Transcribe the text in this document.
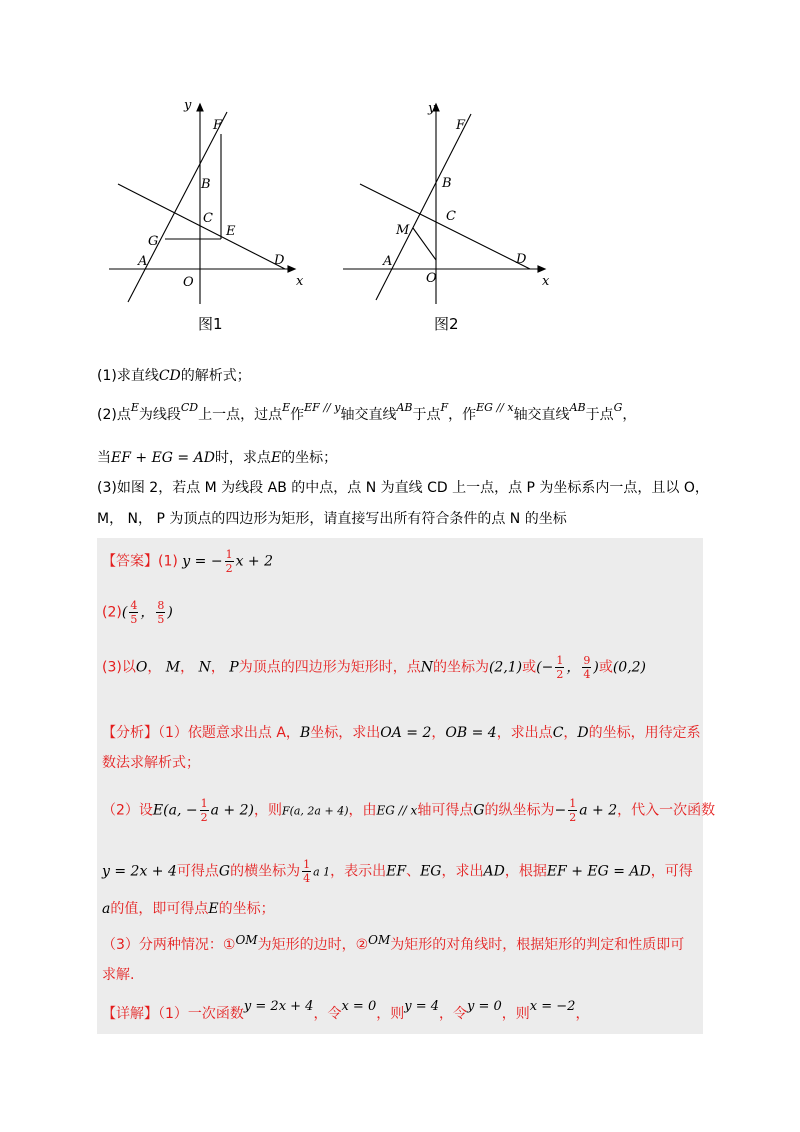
y
x
O
A
B
C
D
E
F
G
y
x
O
A
B
C
D
F
M
图1	图2
(1)求直线CD的解析式；
(2)点$^E$为线段$^{CD}$上一点，过点$^E$作$^{EF // y}$轴交直线$^{AB}$于点$^F$，作$^{EG // x}$轴交直线$^{AB}$于点$^G$，
当EF + EG = AD时，求点E的坐标；
(3)如图 2，若点 M 为线段 AB 的中点，点 N 为直线 CD 上一点，点 P 为坐标系内一点，且以 O，
M， N， P 为顶点的四边形为矩形，请直接写出所有符合条件的点 N 的坐标
【答案】(1) y = − $\frac{1}{2}$ x + 2
$(2)( \frac{4}{5}$ ， $\frac{8}{5}$ )
(3)以O， M， N， P为顶点的四边形为矩形时，点N的坐标为(2,1)或(− $\frac{1}{2}$ ， $\frac{9}{4}$ )或(0,2)
【分析】（1）依题意求出点 A，B坐标，求出OA = 2，OB = 4，求出点C，D的坐标，用待定系
数法求解析式；
（2）设E(a, − $\frac{1}{2}$ a + 2)，则F(a, 2a + 4)，由EG // x轴可得点G的纵坐标为− $\frac{1}{2}$ a + 2，代入一次函数
y = 2x + 4可得点G的横坐标为 $\frac{1}{4}$ a 1，表示出EF、EG，求出AD，根据EF + EG = AD，可得
a的值，即可得点E的坐标；
（3）分两种情况：①OM为矩形的边时，②OM为矩形的对角线时，根据矩形的判定和性质即可
求解.
【详解】（1）一次函数y = 2x + 4，令x = 0，则y = 4，令y = 0，则x = −2，
